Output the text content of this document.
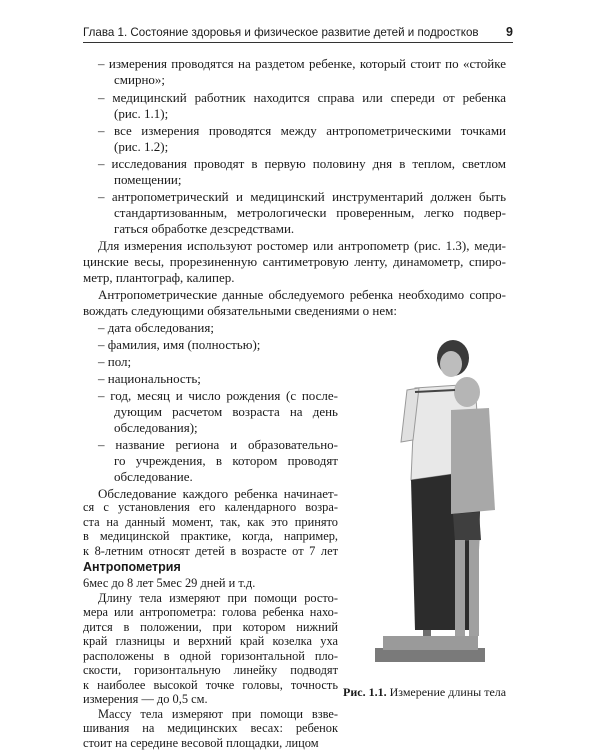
Глава 1. Состояние здоровья и физическое развитие детей и подростков 9
– измерения проводятся на раздетом ребенке, который стоит по «стойке
смирно»;
– медицинский работник находится справа или спереди от ребенка
(рис. 1.1);
– все измерения проводятся между антропометрическими точками
(рис. 1.2);
– исследования проводят в первую половину дня в теплом, светлом
помещении;
– антропометрический и медицинский инструментарий должен быть
стандартизованным, метрологически проверенным, легко подвер-
гаться обработке дезсредствами.
Для измерения используют ростомер или антропометр (рис. 1.3), меди-
цинские весы, прорезиненную сантиметровую ленту, динамометр, спиро-
метр, плантограф, калипер.
Антропометрические данные обследуемого ребенка необходимо сопро-
вождать следующими обязательными сведениями о нем:
– дата обследования;
– фамилия, имя (полностью);
– пол;
– национальность;
– год, месяц и число рождения (с после-
дующим расчетом возраста на день
обследования);
– название региона и образовательно-
го учреждения, в котором проводят
обследование.
Обследование каждого ребенка начинает-
ся с установления его календарного возра-
Антропометрия
Рис. 1.1. Измерение длины тела
ста на данный момент, так, как это принято
в медицинской практике, когда, например,
к 8-летним относят детей в возрасте от 7 лет
6мес до 8 лет 5мес 29 дней и т.д.
Длину тела измеряют при помощи росто-
мера или антропометра: голова ребенка нахо-
дится в положении, при котором нижний
край глазницы и верхний край козелка уха
расположены в одной горизонтальной пло-
скости, горизонтальную линейку подводят
к наиболее высокой точке головы, точность
измерения — до 0,5 см.
Массу тела измеряют при помощи взве-
шивания на медицинских весах: ребенок
стоит на середине весовой площадки, лицом
